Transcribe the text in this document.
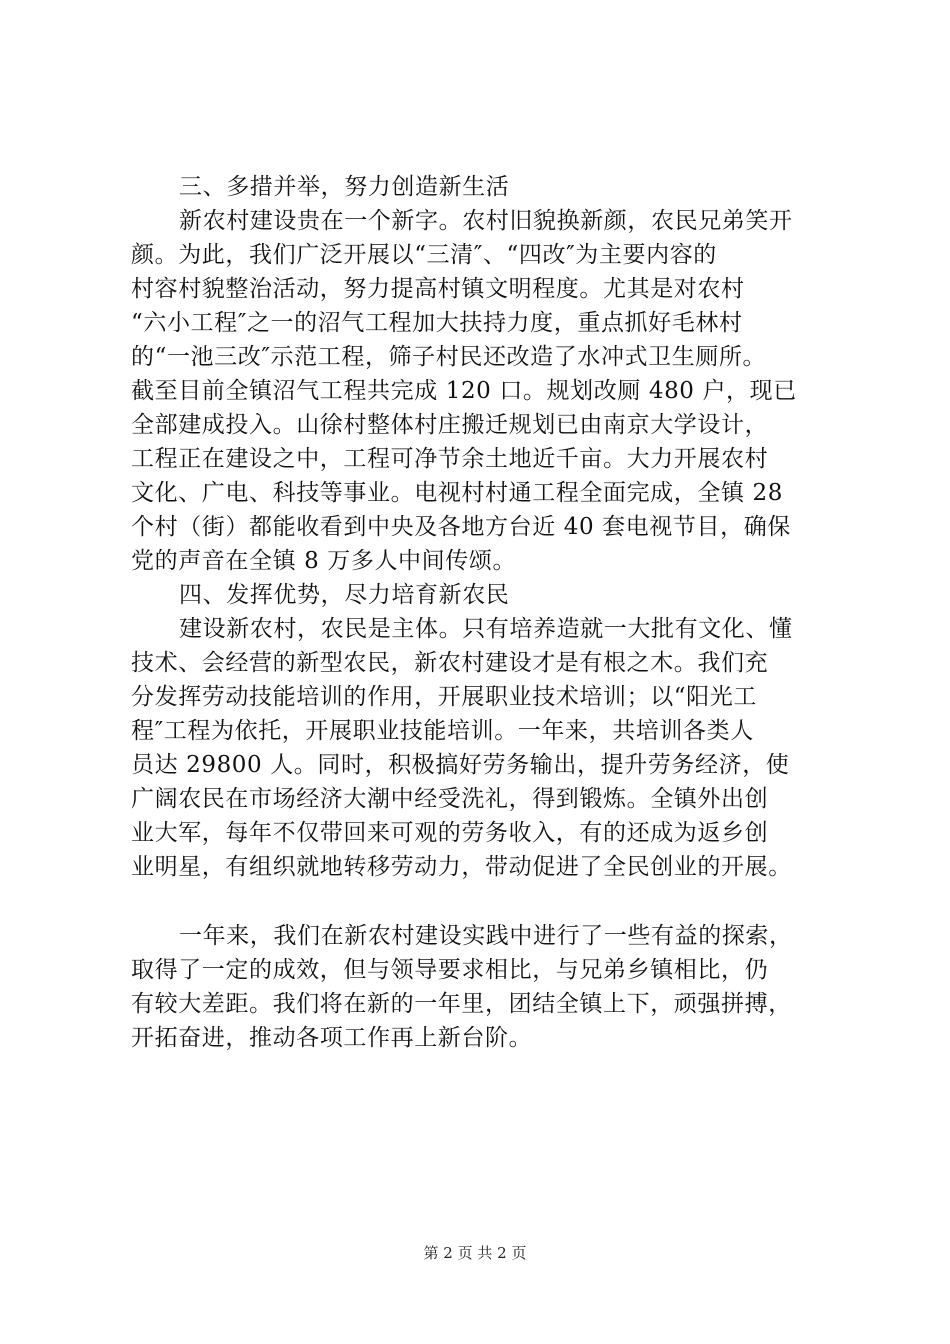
三、多措并举，努力创造新生活
新农村建设贵在一个新字。农村旧貌换新颜，农民兄弟笑开
颜。为此，我们广泛开展以“三清″、“四改″为主要内容的
村容村貌整治活动，努力提高村镇文明程度。尤其是对农村
“六小工程″之一的沼气工程加大扶持力度，重点抓好毛林村
的“一池三改″示范工程，筛子村民还改造了水冲式卫生厕所。
截至目前全镇沼气工程共完成 120 口。规划改厕 480 户，现已
全部建成投入。山徐村整体村庄搬迁规划已由南京大学设计，
工程正在建设之中，工程可净节余土地近千亩。大力开展农村
文化、广电、科技等事业。电视村村通工程全面完成，全镇 28
个村（街）都能收看到中央及各地方台近 40 套电视节目，确保
党的声音在全镇 8 万多人中间传颂。
四、发挥优势，尽力培育新农民
建设新农村，农民是主体。只有培养造就一大批有文化、懂
技术、会经营的新型农民，新农村建设才是有根之木。我们充
分发挥劳动技能培训的作用，开展职业技术培训；以“阳光工
程″工程为依托，开展职业技能培训。一年来，共培训各类人
员达 29800 人。同时，积极搞好劳务输出，提升劳务经济，使
广阔农民在市场经济大潮中经受洗礼，得到锻炼。全镇外出创
业大军，每年不仅带回来可观的劳务收入，有的还成为返乡创
业明星，有组织就地转移劳动力，带动促进了全民创业的开展。
一年来，我们在新农村建设实践中进行了一些有益的探索，
取得了一定的成效，但与领导要求相比，与兄弟乡镇相比，仍
有较大差距。我们将在新的一年里，团结全镇上下，顽强拼搏，
开拓奋进，推动各项工作再上新台阶。
第 2 页 共 2 页
